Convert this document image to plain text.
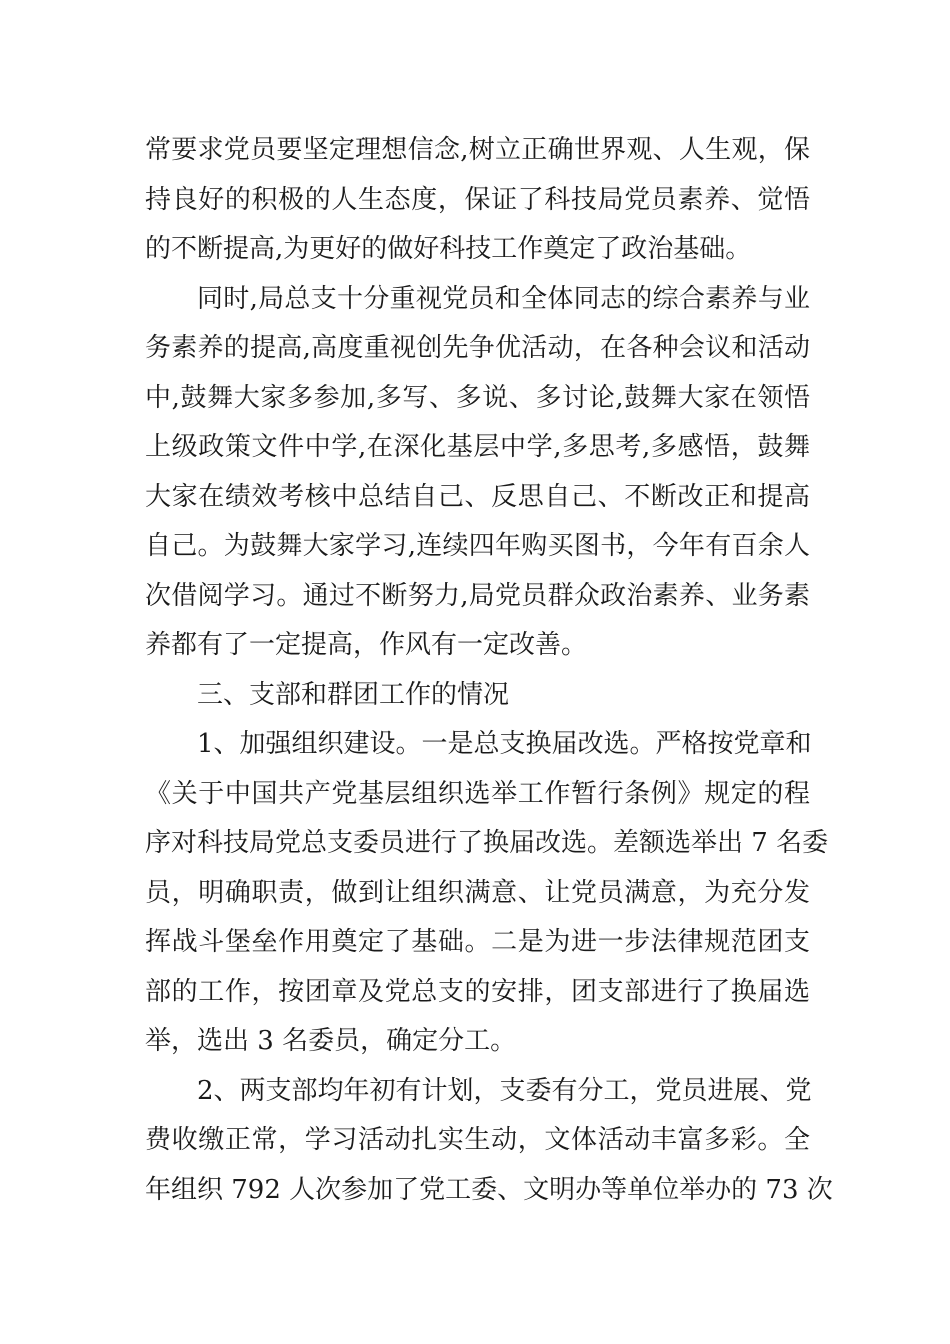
常要求党员要坚定理想信念,树立正确世界观、人生观，保
持良好的积极的人生态度，保证了科技局党员素养、觉悟
的不断提高,为更好的做好科技工作奠定了政治基础。
同时,局总支十分重视党员和全体同志的综合素养与业
务素养的提高,高度重视创先争优活动，在各种会议和活动
中,鼓舞大家多参加,多写、多说、多讨论,鼓舞大家在领悟
上级政策文件中学,在深化基层中学,多思考,多感悟，鼓舞
大家在绩效考核中总结自己、反思自己、不断改正和提高
自己。为鼓舞大家学习,连续四年购买图书，今年有百余人
次借阅学习。通过不断努力,局党员群众政治素养、业务素
养都有了一定提高，作风有一定改善。
三、支部和群团工作的情况
1、加强组织建设。一是总支换届改选。严格按党章和
《关于中国共产党基层组织选举工作暂行条例》规定的程
序对科技局党总支委员进行了换届改选。差额选举出 7 名委
员，明确职责，做到让组织满意、让党员满意，为充分发
挥战斗堡垒作用奠定了基础。二是为进一步法律规范团支
部的工作，按团章及党总支的安排，团支部进行了换届选
举，选出 3 名委员，确定分工。
2、两支部均年初有计划，支委有分工，党员进展、党
费收缴正常，学习活动扎实生动，文体活动丰富多彩。全
年组织 792 人次参加了党工委、文明办等单位举办的 73 次
